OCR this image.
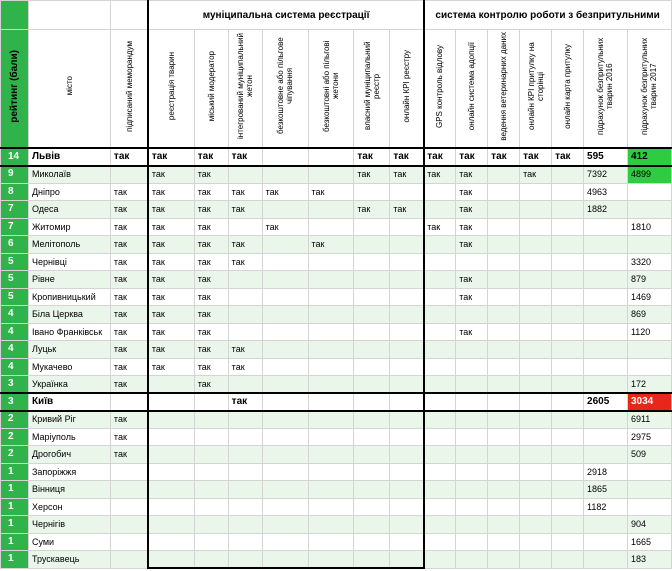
			муніципальна система реєстрації							система контролю роботи з безпритульними						
рейтинг (бали)	місто	підписаний меморандум	реєстрація тварин	міський модератор	інтегрований муніципальний жетон	безкоштовне або пільгове чіпування	безкоштовні або пільгові жетони	власний муніципальний реєстр	онлайн КРІ реєстру	GPS контроль відлову	онлайн система адопції	ведення ветеринарних даних	онлайн КРІ притулку на сторінці	онлайн карта притулку	підрахунок безпритульних тварин 2016	підрахунок безпритульних тварин 2017
14	Львів	так	так	так	так			так	так	так	так	так	так	так	595	412
9	Миколаїв		так	так				так	так	так	так		так		7392	4899
8	Дніпро	так	так	так	так	так	так				так				4963	
7	Одеса	так	так	так	так			так	так		так				1882	
7	Житомир	так	так	так		так				так	так					1810
6	Мелітополь	так	так	так	так		так				так					
5	Чернівці	так	так	так	так											3320
5	Рівне	так	так	так							так					879
5	Кропивницький	так	так	так							так					1469
4	Біла Церква	так	так	так												869
4	Івано Франківськ	так	так	так							так					1120
4	Луцьк	так	так	так	так											
4	Мукачево	так	так	так	так											
3	Українка	так		так												172
3	Київ				так										2605	3034
2	Кривий Ріг	так														6911
2	Маріуполь	так														2975
2	Дрогобич	так														509
1	Запоріжжя														2918	
1	Вінниця														1865	
1	Херсон														1182	
1	Чернігів															904
1	Суми															1665
1	Трускавець															183
